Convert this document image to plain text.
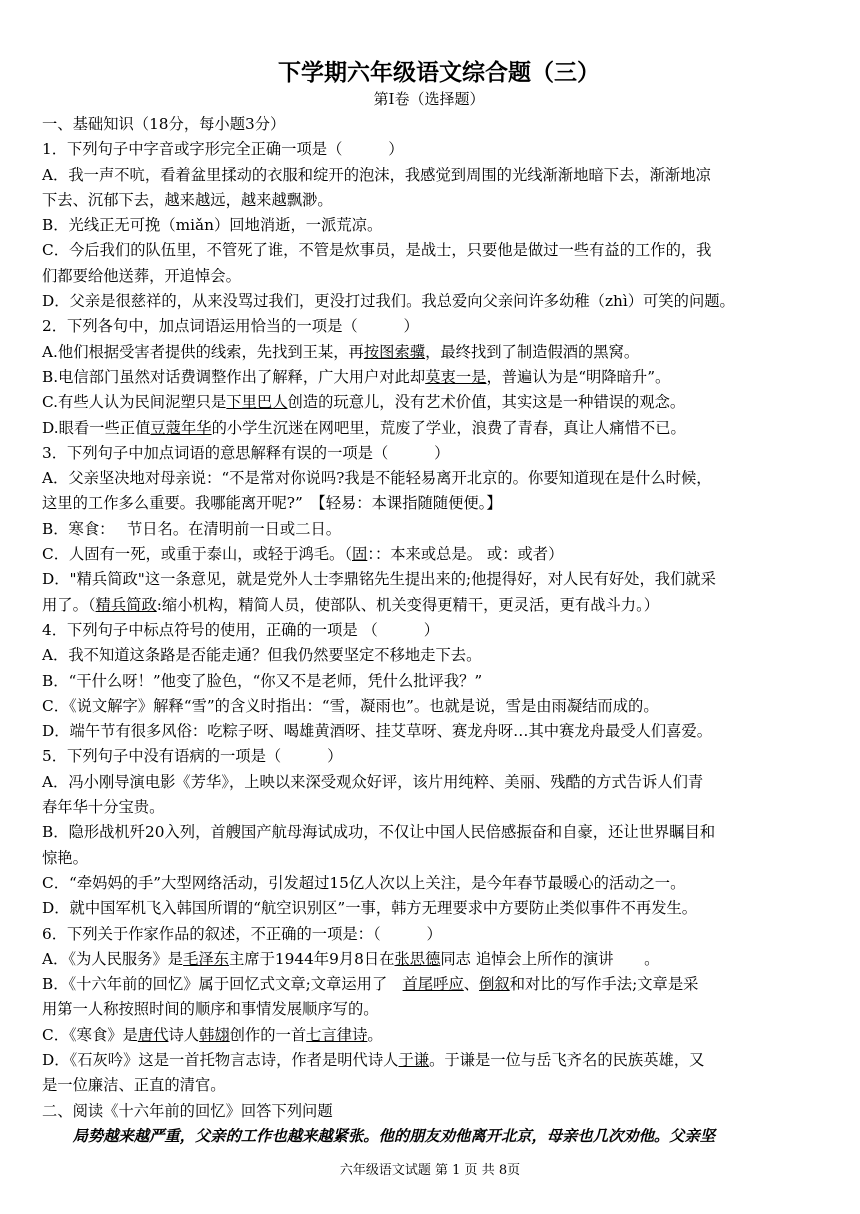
下学期六年级语文综合题（三）
第Ⅰ卷（选择题）
一、基础知识（18分，每小题3分）
1．下列句子中字音或字形完全正确一项是（　　　）
A．我一声不吭，看着盆里揉动的衣服和绽开的泡沫，我感觉到周围的光线渐渐地暗下去，渐渐地凉
下去、沉郁下去，越来越远，越来越飘渺。
B．光线正无可挽（miǎn）回地消逝，一派荒凉。
C．今后我们的队伍里，不管死了谁，不管是炊事员，是战士，只要他是做过一些有益的工作的，我
们都要给他送葬，开追悼会。
D．父亲是很慈祥的，从来没骂过我们，更没打过我们。我总爱向父亲问许多幼稚（zhì）可笑的问题。
2．下列各句中，加点词语运用恰当的一项是（　　　）
A.他们根据受害者提供的线索，先找到王某，再按图索骥，最终找到了制造假酒的黑窝。
B.电信部门虽然对话费调整作出了解释，广大用户对此却莫衷一是，普遍认为是“明降暗升”。
C.有些人认为民间泥塑只是下里巴人创造的玩意儿，没有艺术价值，其实这是一种错误的观念。
D.眼看一些正值豆蔻年华的小学生沉迷在网吧里，荒废了学业，浪费了青春，真让人痛惜不已。
3．下列句子中加点词语的意思解释有误的一项是（　　　）
A．父亲坚决地对母亲说：“不是常对你说吗?我是不能轻易离开北京的。你要知道现在是什么时候，
这里的工作多么重要。我哪能离开呢?”　【轻易：本课指随随便便。】
B．寒食：　 节日名。在清明前一日或二日。
C．人固有一死，或重于泰山，或轻于鸿毛。（固：：本来或总是。 或：或者）
D．"精兵简政"这一条意见，就是党外人士李鼎铭先生提出来的;他提得好，对人民有好处，我们就采
用了。（精兵简政:缩小机构，精简人员，使部队、机关变得更精干，更灵活，更有战斗力。）
4．下列句子中标点符号的使用，正确的一项是 （　　　）
A．我不知道这条路是否能走通？但我仍然要坚定不移地走下去。
B．“干什么呀！”他变了脸色，“你又不是老师，凭什么批评我？”
C．《说文解字》解释“雪”的含义时指出：“雪，凝雨也”。也就是说，雪是由雨凝结而成的。
D．端午节有很多风俗：吃粽子呀、喝雄黄酒呀、挂艾草呀、赛龙舟呀…其中赛龙舟最受人们喜爱。
5．下列句子中没有语病的一项是（　　　）
A．冯小刚导演电影《芳华》，上映以来深受观众好评，该片用纯粹、美丽、残酷的方式告诉人们青
春年华十分宝贵。
B．隐形战机歼20入列，首艘国产航母海试成功，不仅让中国人民倍感振奋和自豪，还让世界瞩目和
惊艳。
C．“牵妈妈的手”大型网络活动，引发超过15亿人次以上关注，是今年春节最暖心的活动之一。
D．就中国军机飞入韩国所谓的“航空识别区”一事，韩方无理要求中方要防止类似事件不再发生。
6．下列关于作家作品的叙述，不正确的一项是：（　　　）
A．《为人民服务》是毛泽东主席于1944年9月8日在张思德同志 追悼会上所作的演讲　　。
B．《十六年前的回忆》属于回忆式文章;文章运用了　首尾呼应、倒叙和对比的写作手法;文章是采
用第一人称按照时间的顺序和事情发展顺序写的。
C．《寒食》是唐代诗人韩翃创作的一首七言律诗。
D．《石灰吟》这是一首托物言志诗，作者是明代诗人于谦。于谦是一位与岳飞齐名的民族英雄，又
是一位廉洁、正直的清官。
二、阅读《十六年前的回忆》回答下列问题
局势越来越严重，父亲的工作也越来越紧张。他的朋友劝他离开北京，母亲也几次劝他。父亲坚
六年级语文试题 第 1 页 共 8页
